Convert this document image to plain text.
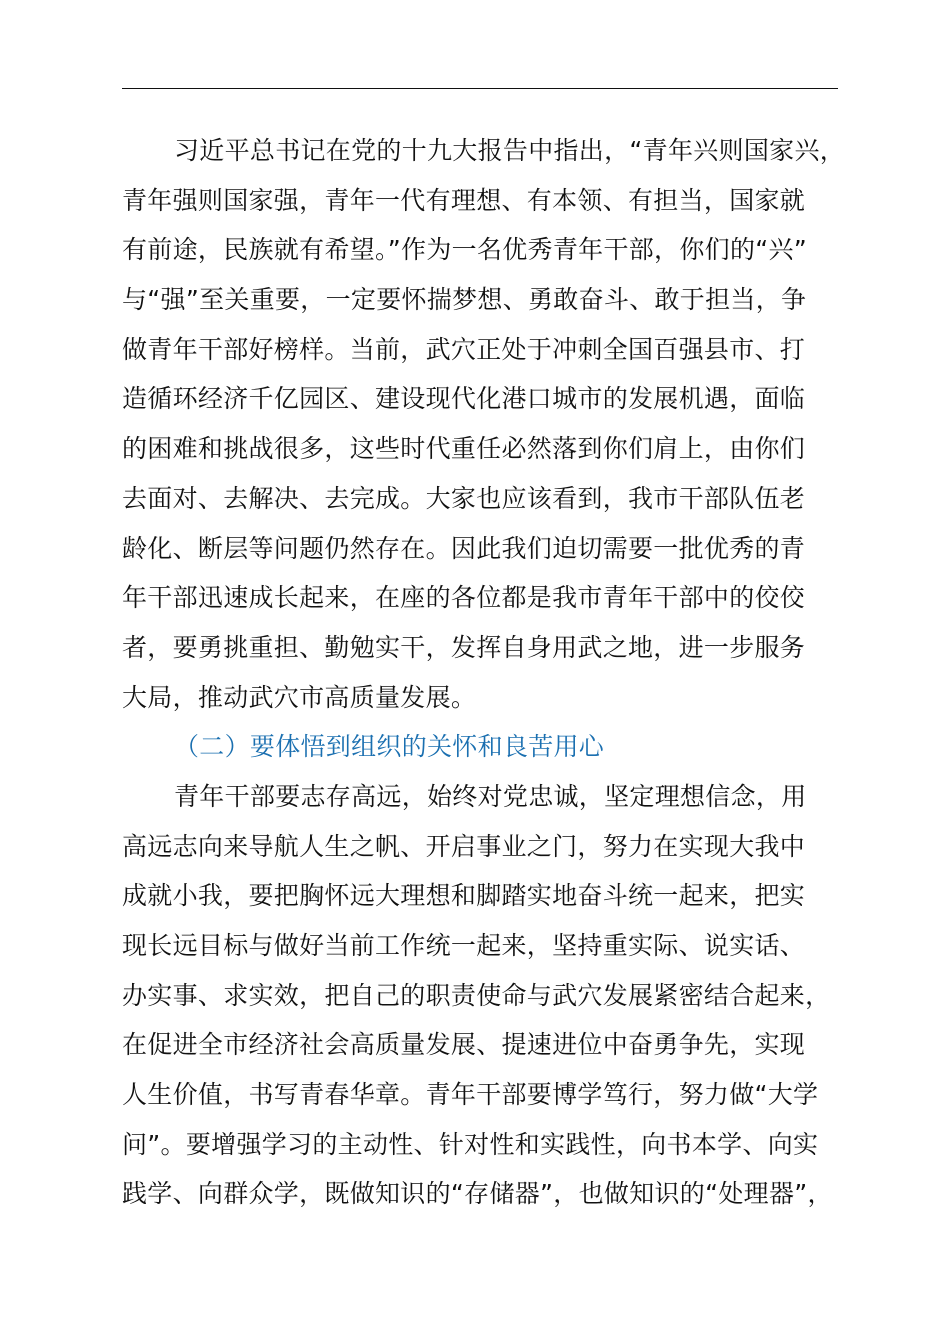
习近平总书记在党的十九大报告中指出，“青年兴则国家兴，
青年强则国家强，青年一代有理想、有本领、有担当，国家就
有前途，民族就有希望。”作为一名优秀青年干部，你们的“兴”
与“强”至关重要，一定要怀揣梦想、勇敢奋斗、敢于担当，争
做青年干部好榜样。当前，武穴正处于冲刺全国百强县市、打
造循环经济千亿园区、建设现代化港口城市的发展机遇，面临
的困难和挑战很多，这些时代重任必然落到你们肩上，由你们
去面对、去解决、去完成。大家也应该看到，我市干部队伍老
龄化、断层等问题仍然存在。因此我们迫切需要一批优秀的青
年干部迅速成长起来，在座的各位都是我市青年干部中的佼佼
者，要勇挑重担、勤勉实干，发挥自身用武之地，进一步服务
大局，推动武穴市高质量发展。
（二）要体悟到组织的关怀和良苦用心
青年干部要志存高远，始终对党忠诚，坚定理想信念，用
高远志向来导航人生之帆、开启事业之门，努力在实现大我中
成就小我，要把胸怀远大理想和脚踏实地奋斗统一起来，把实
现长远目标与做好当前工作统一起来，坚持重实际、说实话、
办实事、求实效，把自己的职责使命与武穴发展紧密结合起来，
在促进全市经济社会高质量发展、提速进位中奋勇争先，实现
人生价值，书写青春华章。青年干部要博学笃行，努力做“大学
问”。要增强学习的主动性、针对性和实践性，向书本学、向实
践学、向群众学，既做知识的“存储器”，也做知识的“处理器”，
